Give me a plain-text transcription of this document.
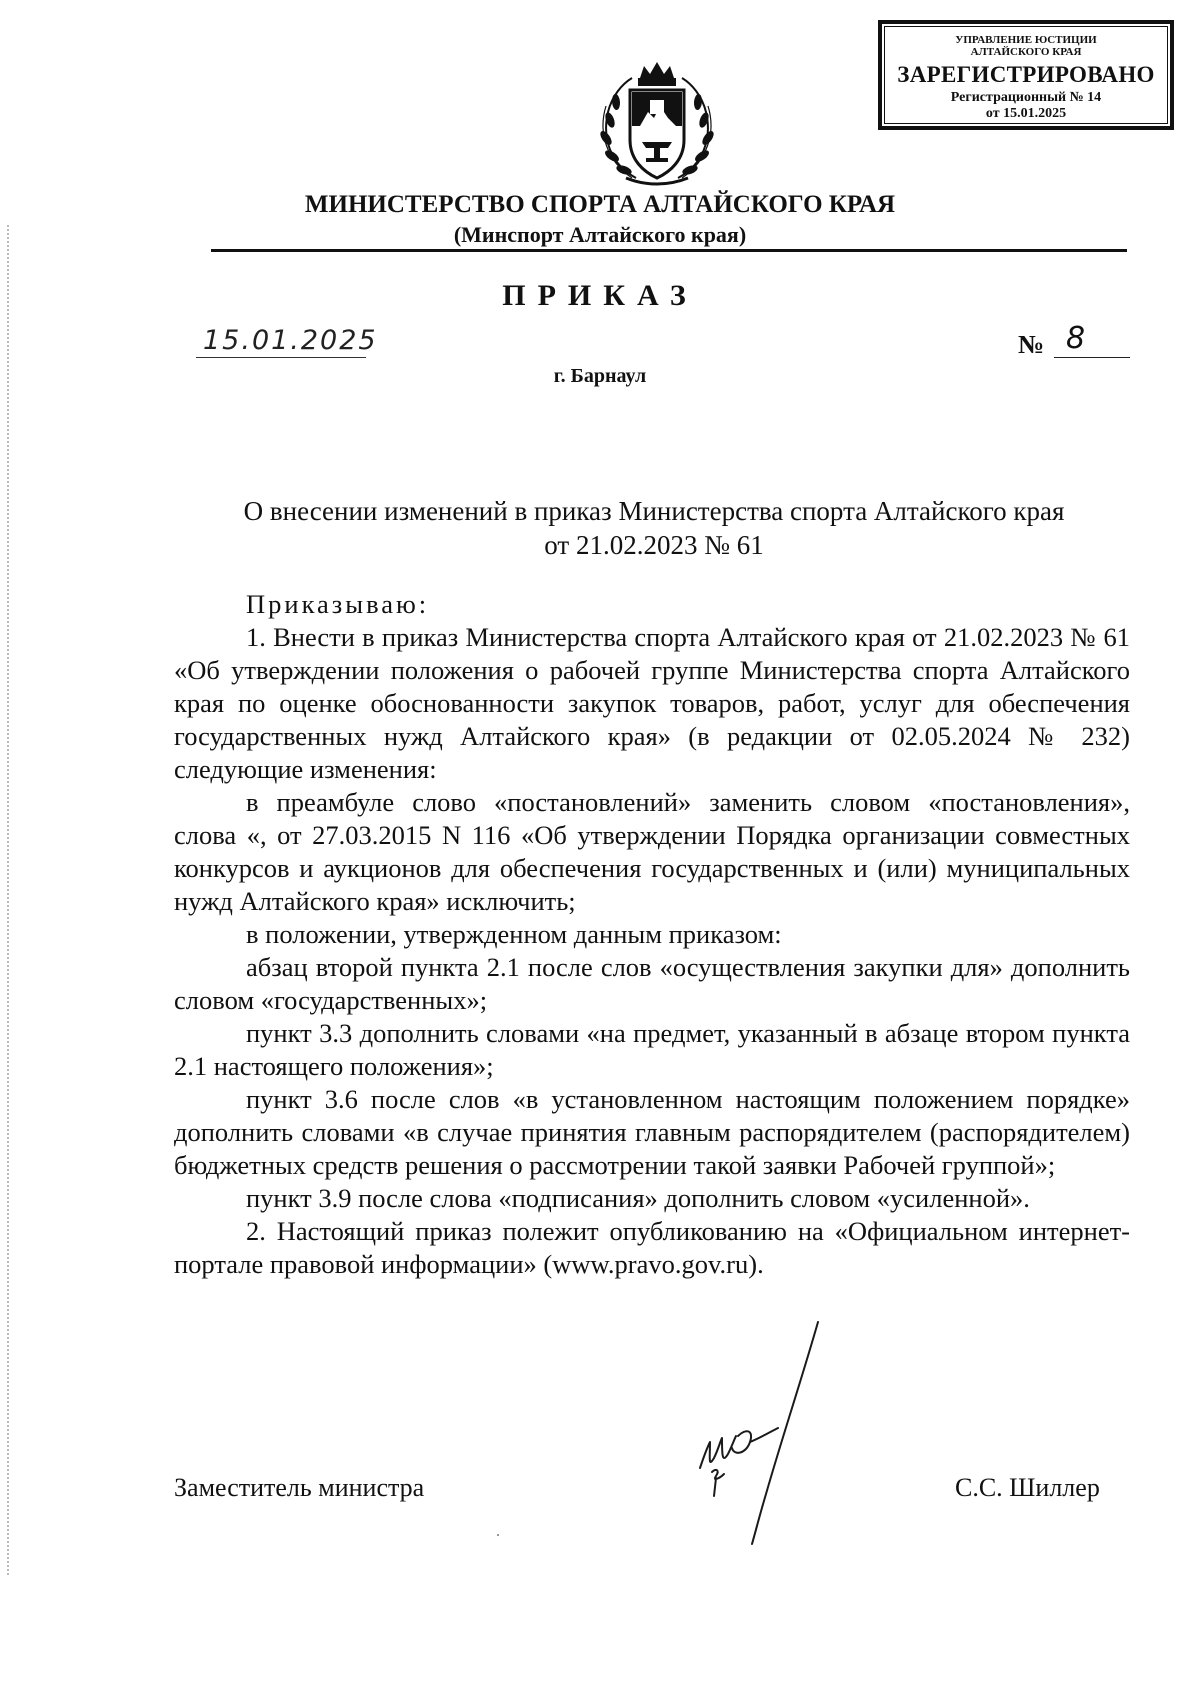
УПРАВЛЕНИЕ ЮСТИЦИИ
АЛТАЙСКОГО КРАЯ
ЗАРЕГИСТРИРОВАНО
Регистрационный № 14
от 15.01.2025
МИНИСТЕРСТВО СПОРТА АЛТАЙСКОГО КРАЯ
(Минспорт Алтайского края)
ПРИКАЗ
15.01.2025	№ 8
г. Барнаул
О внесении изменений в приказ Министерства спорта Алтайского края
от 21.02.2023 № 61

Приказываю:

1. Внести в приказ Министерства спорта Алтайского края от 21.02.2023 № 61 «Об утверждении положения о рабочей группе Министерства спорта Алтайского края по оценке обоснованности закупок товаров, работ, услуг для обеспечения государственных нужд Алтайского края» (в редакции от 02.05.2024 № 232) следующие изменения:

в преамбуле слово «постановлений» заменить словом «постановления», слова «, от 27.03.2015 N 116 «Об утверждении Порядка организации совместных конкурсов и аукционов для обеспечения государственных и (или) муниципальных нужд Алтайского края» исключить;

в положении, утвержденном данным приказом:

абзац второй пункта 2.1 после слов «осуществления закупки для» дополнить словом «государственных»;

пункт 3.3 дополнить словами «на предмет, указанный в абзаце втором пункта 2.1 настоящего положения»;

пункт 3.6 после слов «в установленном настоящим положением порядке» дополнить словами «в случае принятия главным распорядителем (распорядителем) бюджетных средств решения о рассмотрении такой заявки Рабочей группой»;

пункт 3.9 после слова «подписания» дополнить словом «усиленной».

2. Настоящий приказ полежит опубликованию на «Официальном интернет-портале правовой информации» (www.pravo.gov.ru).

Заместитель министра	С.С. Шиллер
